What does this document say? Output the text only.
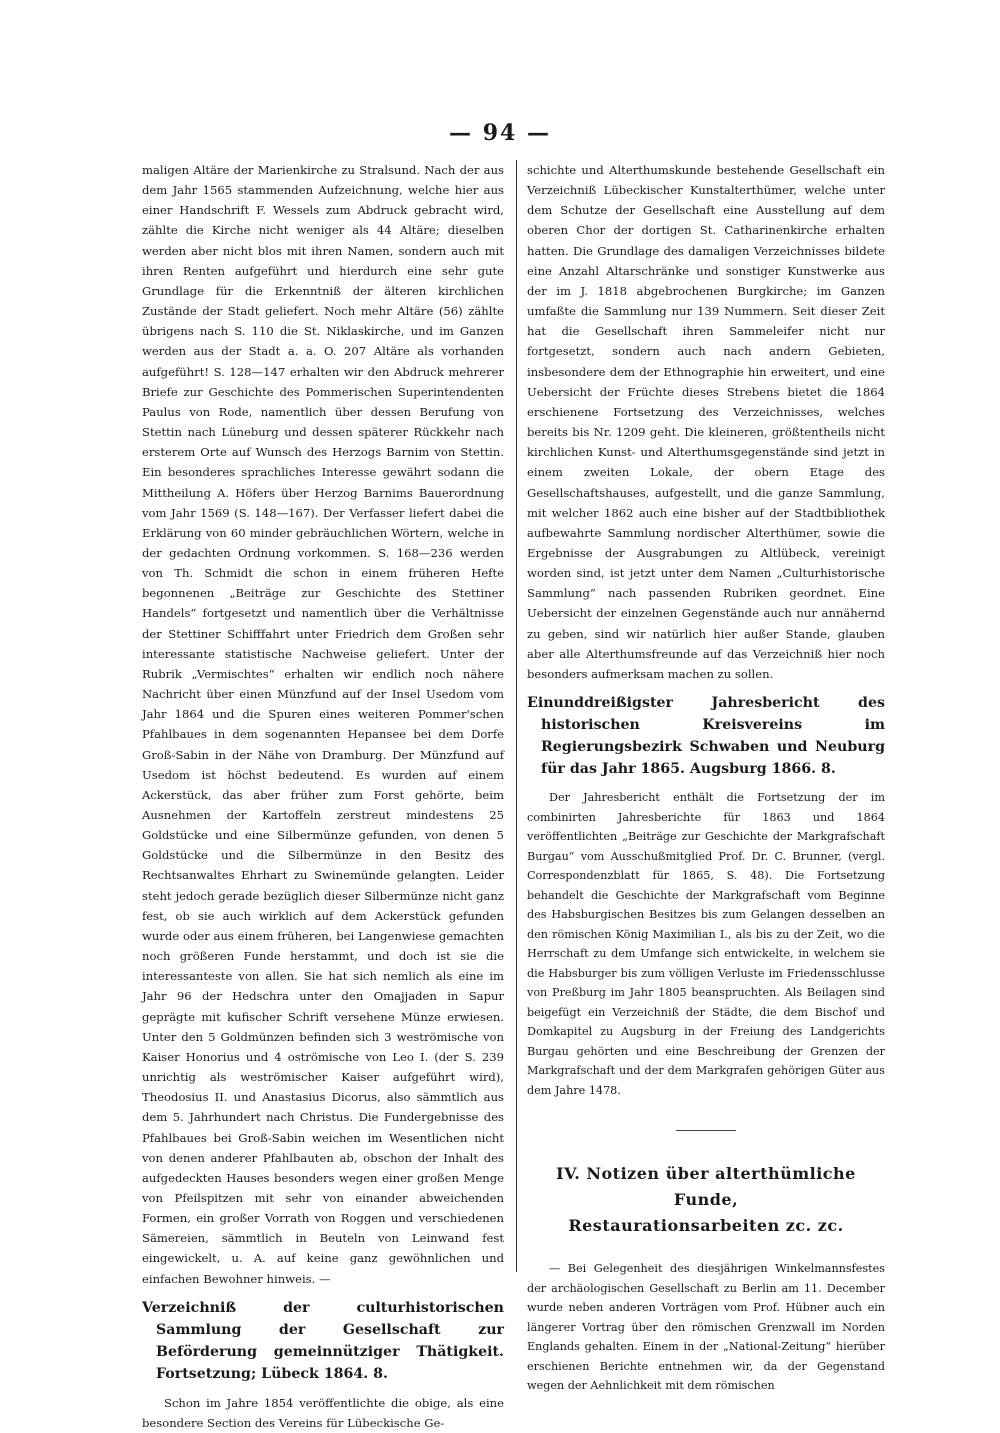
— 94 —

maligen Altäre der Marienkirche zu Stralsund. Nach der aus dem Jahr 1565 stammenden Aufzeichnung, welche hier aus einer Handschrift F. Wessels zum Abdruck gebracht wird, zählte die Kirche nicht weniger als 44 Altäre; dieselben werden aber nicht blos mit ihren Namen, sondern auch mit ihren Renten aufgeführt und hierdurch eine sehr gute Grundlage für die Erkenntniß der älteren kirchlichen Zustände der Stadt geliefert. Noch mehr Altäre (56) zählte übrigens nach S. 110 die St. Niklaskirche, und im Ganzen werden aus der Stadt a. a. O. 207 Altäre als vorhanden aufgeführt! S. 128—147 erhalten wir den Abdruck mehrerer Briefe zur Geschichte des Pommerischen Superintendenten Paulus von Rode, namentlich über dessen Berufung von Stettin nach Lüneburg und dessen späterer Rückkehr nach ersterem Orte auf Wunsch des Herzogs Barnim von Stettin. Ein besonderes sprachliches Interesse gewährt sodann die Mittheilung A. Höfers über Herzog Barnims Bauerordnung vom Jahr 1569 (S. 148—167). Der Verfasser liefert dabei die Erklärung von 60 minder gebräuchlichen Wörtern, welche in der gedachten Ordnung vorkommen. S. 168—236 werden von Th. Schmidt die schon in einem früheren Hefte begonnenen „Beiträge zur Geschichte des Stettiner Handels“ fortgesetzt und namentlich über die Verhältnisse der Stettiner Schifffahrt unter Friedrich dem Großen sehr interessante statistische Nachweise geliefert. Unter der Rubrik „Vermischtes“ erhalten wir endlich noch nähere Nachricht über einen Münzfund auf der Insel Usedom vom Jahr 1864 und die Spuren eines weiteren Pommer'schen Pfahlbaues in dem sogenannten Hepansee bei dem Dorfe Groß-Sabin in der Nähe von Dramburg. Der Münzfund auf Usedom ist höchst bedeutend. Es wurden auf einem Ackerstück, das aber früher zum Forst gehörte, beim Ausnehmen der Kartoffeln zerstreut mindestens 25 Goldstücke und eine Silbermünze gefunden, von denen 5 Goldstücke und die Silbermünze in den Besitz des Rechtsanwaltes Ehrhart zu Swinemünde gelangten. Leider steht jedoch gerade bezüglich dieser Silbermünze nicht ganz fest, ob sie auch wirklich auf dem Ackerstück gefunden wurde oder aus einem früheren, bei Langenwiese gemachten noch größeren Funde herstammt, und doch ist sie die interessanteste von allen. Sie hat sich nemlich als eine im Jahr 96 der Hedschra unter den Omajjaden in Sapur geprägte mit kufischer Schrift versehene Münze erwiesen. Unter den 5 Goldmünzen befinden sich 3 weströmische von Kaiser Honorius und 4 oströmische von Leo I. (der S. 239 unrichtig als weströmischer Kaiser aufgeführt wird), Theodosius II. und Anastasius Dicorus, also sämmtlich aus dem 5. Jahrhundert nach Christus. Die Fundergebnisse des Pfahlbaues bei Groß-Sabin weichen im Wesentlichen nicht von denen anderer Pfahlbauten ab, obschon der Inhalt des aufgedeckten Hauses besonders wegen einer großen Menge von Pfeilspitzen mit sehr von einander abweichenden Formen, ein großer Vorrath von Roggen und verschiedenen Sämereien, sämmtlich in Beuteln von Leinwand fest eingewickelt, u. A. auf keine ganz gewöhnlichen und einfachen Bewohner hinweis. —

Verzeichniß der culturhistorischen Sammlung der Gesellschaft zur Beförderung gemeinnütziger Thätigkeit. Fortsetzung; Lübeck 1864. 8.

Schon im Jahre 1854 veröffentlichte die obige, als eine besondere Section des Vereins für Lübeckische Ge-

schichte und Alterthumskunde bestehende Gesellschaft ein Verzeichniß Lübeckischer Kunstalterthümer, welche unter dem Schutze der Gesellschaft eine Ausstellung auf dem oberen Chor der dortigen St. Catharinenkirche erhalten hatten. Die Grundlage des damaligen Verzeichnisses bildete eine Anzahl Altarschränke und sonstiger Kunstwerke aus der im J. 1818 abgebrochenen Burgkirche; im Ganzen umfaßte die Sammlung nur 139 Nummern. Seit dieser Zeit hat die Gesellschaft ihren Sammeleifer nicht nur fortgesetzt, sondern auch nach andern Gebieten, insbesondere dem der Ethnographie hin erweitert, und eine Uebersicht der Früchte dieses Strebens bietet die 1864 erschienene Fortsetzung des Verzeichnisses, welches bereits bis Nr. 1209 geht. Die kleineren, größtentheils nicht kirchlichen Kunst- und Alterthumsgegenstände sind jetzt in einem zweiten Lokale, der obern Etage des Gesellschaftshauses, aufgestellt, und die ganze Sammlung, mit welcher 1862 auch eine bisher auf der Stadtbibliothek aufbewahrte Sammlung nordischer Alterthümer, sowie die Ergebnisse der Ausgrabungen zu Altlübeck, vereinigt worden sind, ist jetzt unter dem Namen „Culturhistorische Sammlung“ nach passenden Rubriken geordnet. Eine Uebersicht der einzelnen Gegenstände auch nur annähernd zu geben, sind wir natürlich hier außer Stande, glauben aber alle Alterthumsfreunde auf das Verzeichniß hier noch besonders aufmerksam machen zu sollen.

Einunddreißigster Jahresbericht des historischen Kreisvereins im Regierungsbezirk Schwaben und Neuburg für das Jahr 1865. Augsburg 1866. 8.

Der Jahresbericht enthält die Fortsetzung der im combinirten Jahresberichte für 1863 und 1864 veröffentlichten „Beiträge zur Geschichte der Markgrafschaft Burgau“ vom Ausschußmitglied Prof. Dr. C. Brunner, (vergl. Correspondenzblatt für 1865, S. 48). Die Fortsetzung behandelt die Geschichte der Markgrafschaft vom Beginne des Habsburgischen Besitzes bis zum Gelangen desselben an den römischen König Maximilian I., als bis zu der Zeit, wo die Herrschaft zu dem Umfange sich entwickelte, in welchem sie die Habsburger bis zum völligen Verluste im Friedensschlusse von Preßburg im Jahr 1805 beanspruchten. Als Beilagen sind beigefügt ein Verzeichniß der Städte, die dem Bischof und Domkapitel zu Augsburg in der Freiung des Landgerichts Burgau gehörten und eine Beschreibung der Grenzen der Markgrafschaft und der dem Markgrafen gehörigen Güter aus dem Jahre 1478.

IV. Notizen über alterthümliche Funde,
Restaurationsarbeiten zc. zc.

— Bei Gelegenheit des diesjährigen Winkelmannsfestes der archäologischen Gesellschaft zu Berlin am 11. December wurde neben anderen Vorträgen vom Prof. Hübner auch ein längerer Vortrag über den römischen Grenzwall im Norden Englands gehalten. Einem in der „National-Zeitung“ hierüber erschienen Berichte entnehmen wir, da der Gegenstand wegen der Aehnlichkeit mit dem römischen
